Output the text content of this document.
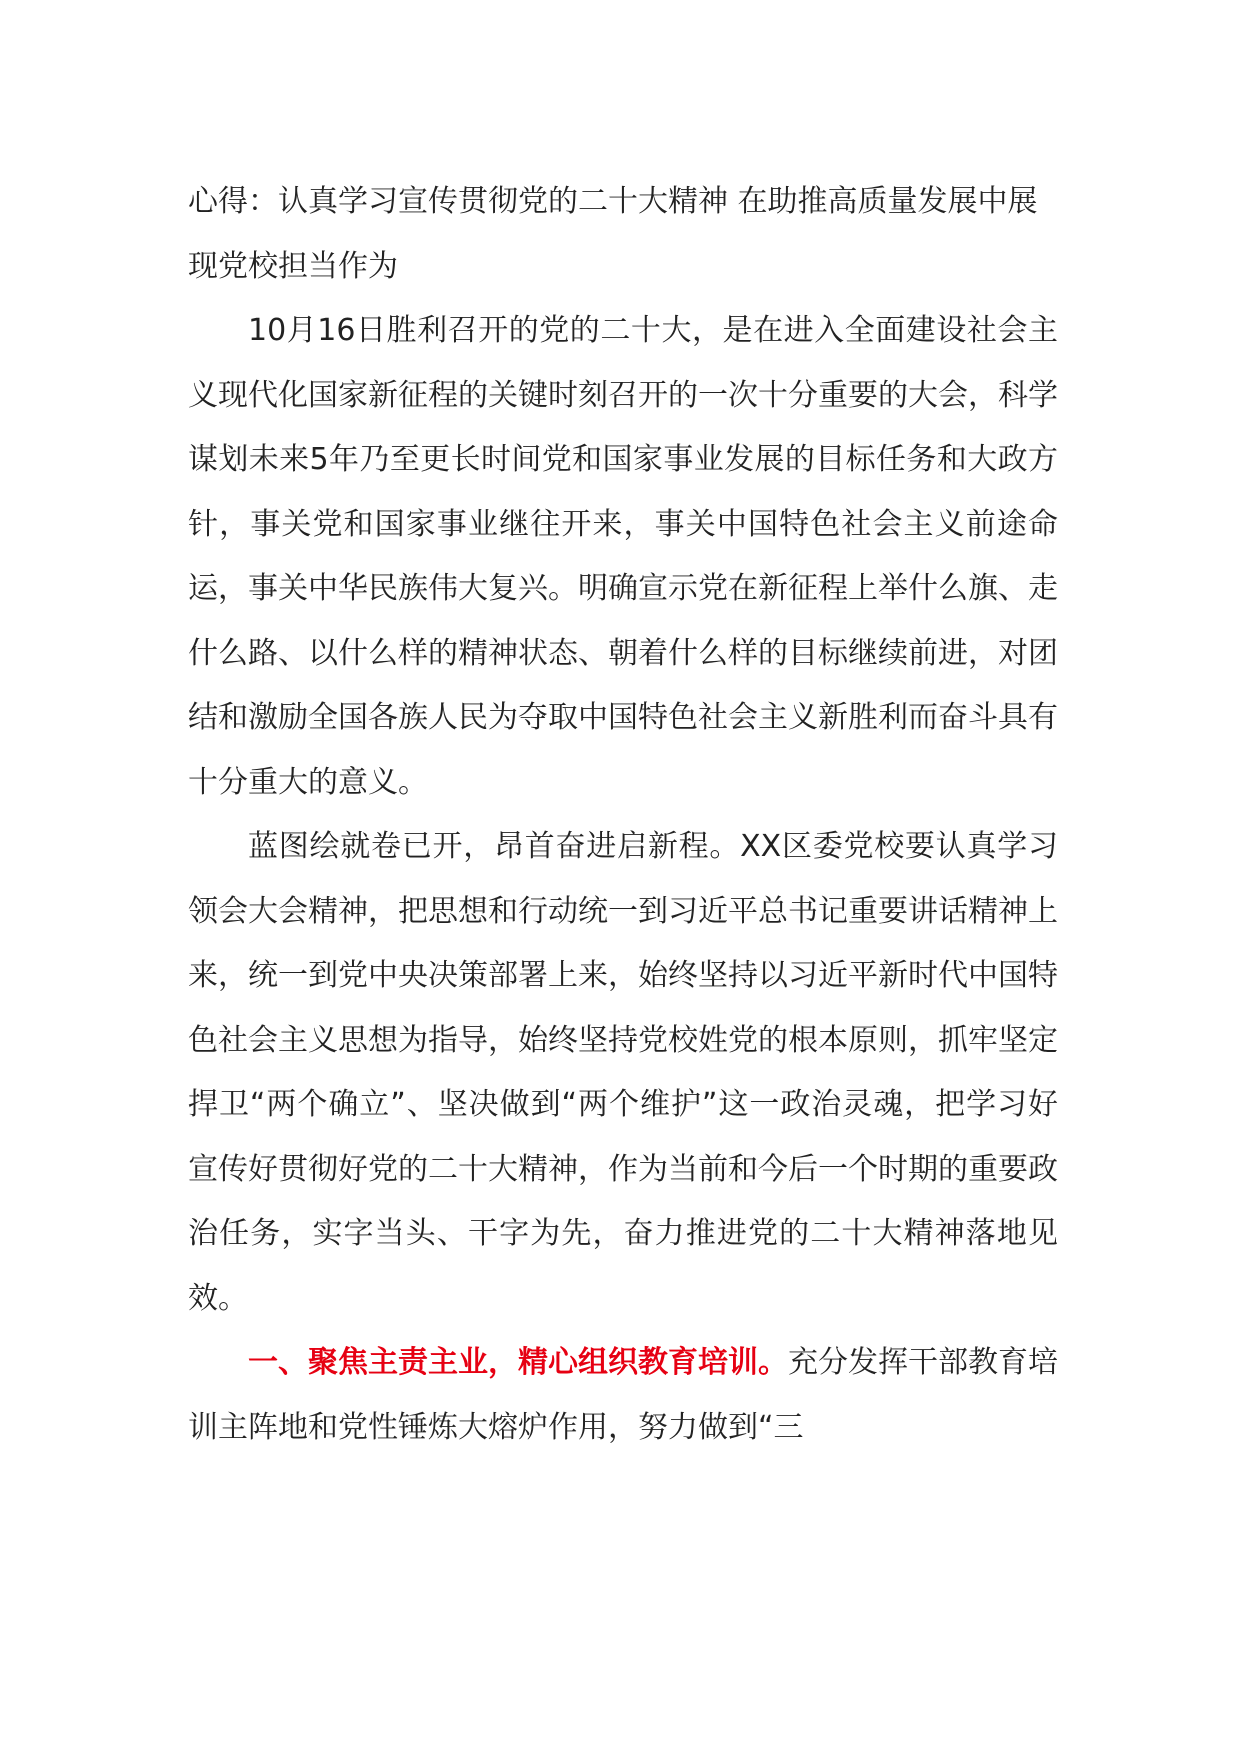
心得：认真学习宣传贯彻党的二十大精神 在助推高质量发展中展现党校担当作为

10月16日胜利召开的党的二十大，是在进入全面建设社会主义现代化国家新征程的关键时刻召开的一次十分重要的大会，科学谋划未来5年乃至更长时间党和国家事业发展的目标任务和大政方针，事关党和国家事业继往开来，事关中国特色社会主义前途命运，事关中华民族伟大复兴。明确宣示党在新征程上举什么旗、走什么路、以什么样的精神状态、朝着什么样的目标继续前进，对团结和激励全国各族人民为夺取中国特色社会主义新胜利而奋斗具有十分重大的意义。

蓝图绘就卷已开，昂首奋进启新程。XX区委党校要认真学习领会大会精神，把思想和行动统一到习近平总书记重要讲话精神上来，统一到党中央决策部署上来，始终坚持以习近平新时代中国特色社会主义思想为指导，始终坚持党校姓党的根本原则，抓牢坚定捍卫“两个确立”、坚决做到“两个维护”这一政治灵魂，把学习好宣传好贯彻好党的二十大精神，作为当前和今后一个时期的重要政治任务，实字当头、干字为先，奋力推进党的二十大精神落地见效。

一、聚焦主责主业，精心组织教育培训。充分发挥干部教育培训主阵地和党性锤炼大熔炉作用，努力做到“三
